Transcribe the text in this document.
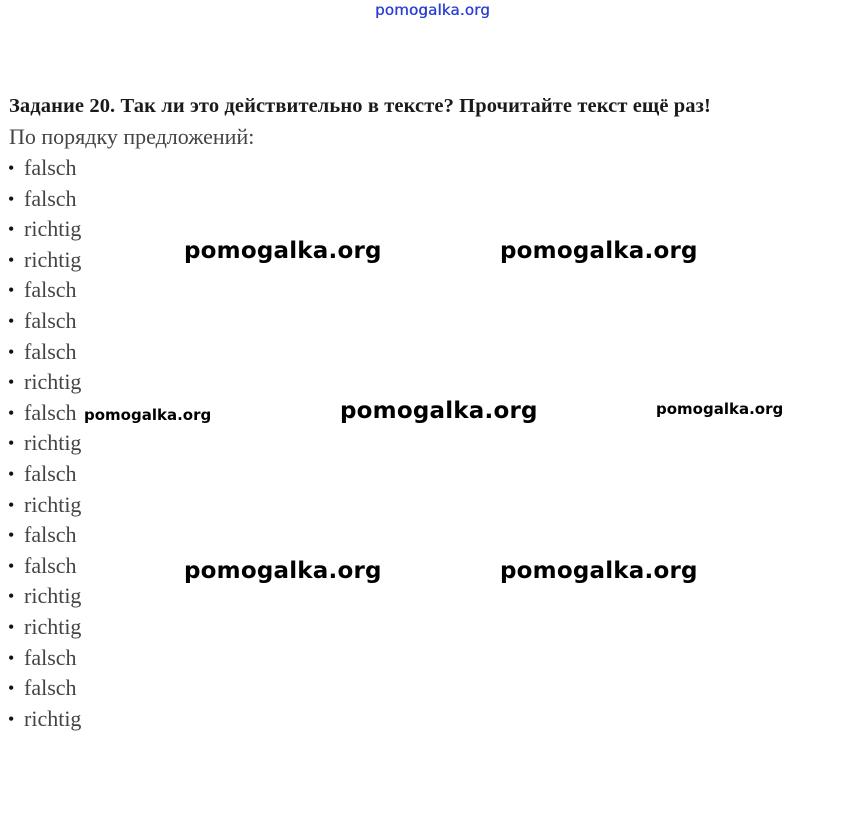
pomogalka.org
Задание 20. Так ли это действительно в тексте? Прочитайте текст ещё раз!

По порядку предложений:

• falsch
• falsch
• richtig
• richtig
• falsch
• falsch
• falsch
• richtig
• falsch
• richtig
• falsch
• richtig
• falsch
• falsch
• richtig
• richtig
• falsch
• falsch
• richtig
pomogalka.org	pomogalka.org
pomogalka.org
pomogalka.org	pomogalka.org
pomogalka.org	pomogalka.org
